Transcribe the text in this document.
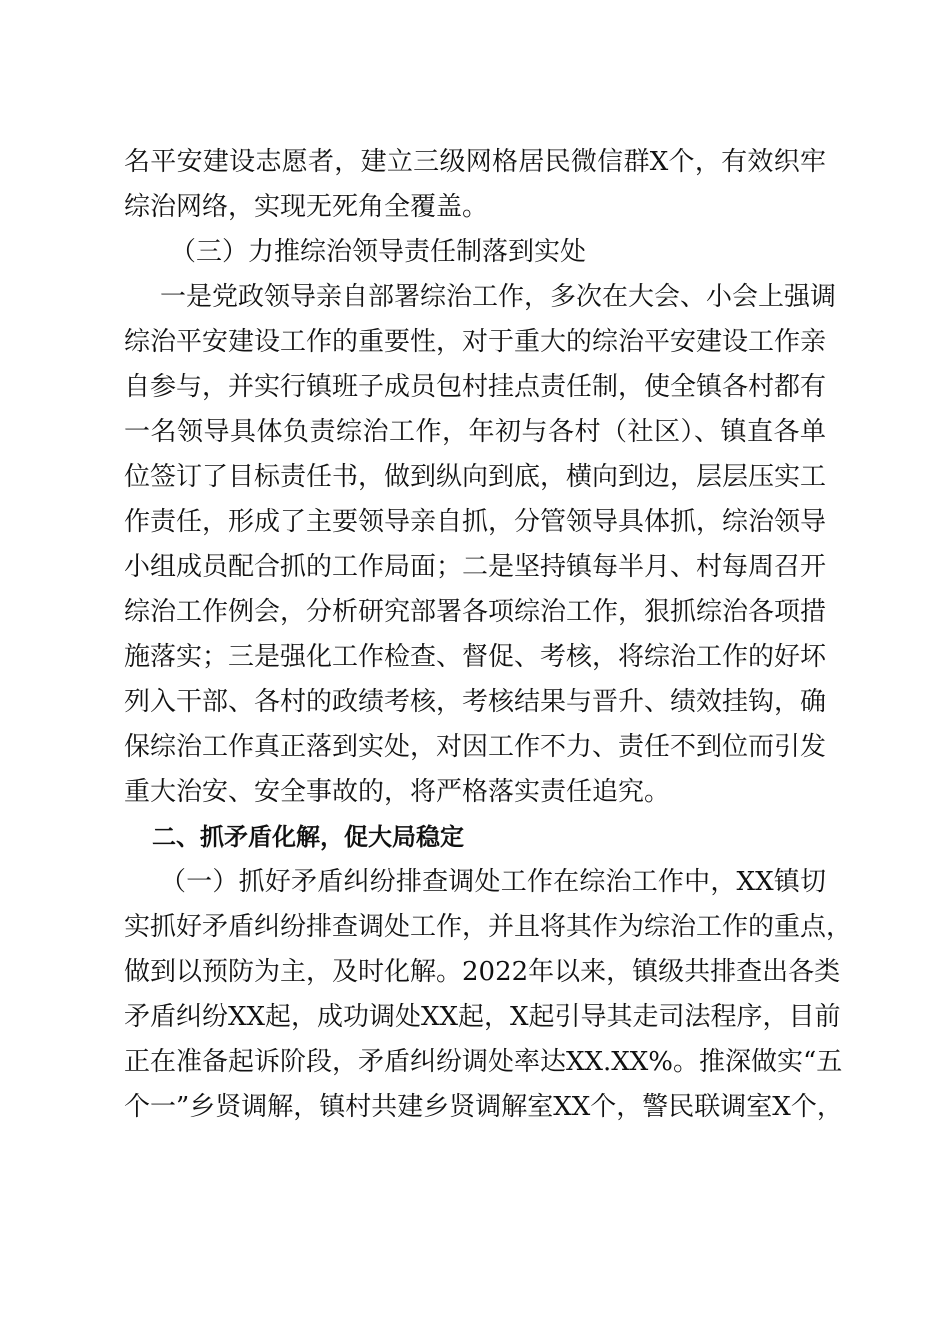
名平安建设志愿者，建立三级网格居民微信群X个，有效织牢
综治网络，实现无死角全覆盖。
（三）力推综治领导责任制落到实处
一是党政领导亲自部署综治工作，多次在大会、小会上强调
综治平安建设工作的重要性，对于重大的综治平安建设工作亲
自参与，并实行镇班子成员包村挂点责任制，使全镇各村都有
一名领导具体负责综治工作，年初与各村（社区）、镇直各单
位签订了目标责任书，做到纵向到底，横向到边，层层压实工
作责任，形成了主要领导亲自抓，分管领导具体抓，综治领导
小组成员配合抓的工作局面；二是坚持镇每半月、村每周召开
综治工作例会，分析研究部署各项综治工作，狠抓综治各项措
施落实；三是强化工作检查、督促、考核，将综治工作的好坏
列入干部、各村的政绩考核，考核结果与晋升、绩效挂钩，确
保综治工作真正落到实处，对因工作不力、责任不到位而引发
重大治安、安全事故的，将严格落实责任追究。
二、抓矛盾化解，促大局稳定
（一）抓好矛盾纠纷排查调处工作在综治工作中，XX镇切
实抓好矛盾纠纷排查调处工作，并且将其作为综治工作的重点，
做到以预防为主，及时化解。2022年以来，镇级共排查出各类
矛盾纠纷XX起，成功调处XX起，X起引导其走司法程序，目前
正在准备起诉阶段，矛盾纠纷调处率达XX.XX%。推深做实“五
个一”乡贤调解，镇村共建乡贤调解室XX个，警民联调室X个，
